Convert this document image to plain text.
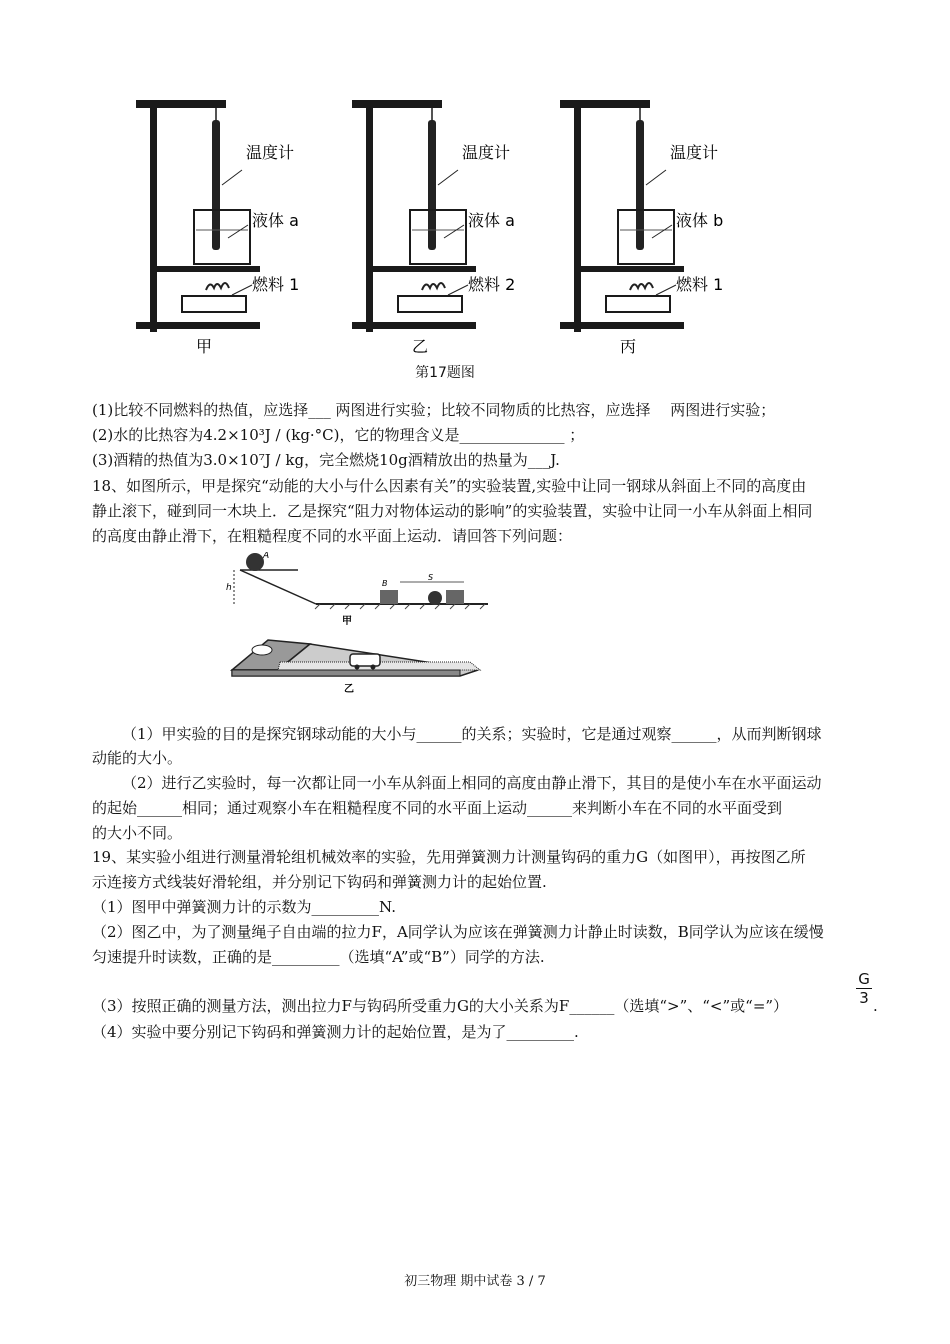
温度计
液体 a
燃料 1
甲
温度计
液体 a
燃料 2
乙
温度计
液体 b
燃料 1
丙
第17题图
(1)比较不同燃料的热值，应选择___ 两图进行实验；比较不同物质的比热容，应选择 　两图进行实验；
(2)水的比热容为4.2×10³J / (kg·°C)，它的物理含义是______________ ；
(3)酒精的热值为3.0×10⁷J / kg，完全燃烧10g酒精放出的热量为___J.
18、如图所示，甲是探究“动能的大小与什么因素有关”的实验装置,实验中让同一钢球从斜面上不同的高度由
静止滚下，碰到同一木块上．乙是探究“阻力对物体运动的影响”的实验装置，实验中让同一小车从斜面上相同
的高度由静止滑下，在粗糙程度不同的水平面上运动．请回答下列问题：
A
h	B
S
甲
乙
（1）甲实验的目的是探究钢球动能的大小与______的关系；实验时，它是通过观察______，从而判断钢球
动能的大小。
（2）进行乙实验时，每一次都让同一小车从斜面上相同的高度由静止滑下，其目的是使小车在水平面运动
的起始______相同；通过观察小车在粗糙程度不同的水平面上运动______来判断小车在不同的水平面受到
的大小不同。
19、某实验小组进行测量滑轮组机械效率的实验，先用弹簧测力计测量钩码的重力G（如图甲），再按图乙所
示连接方式线装好滑轮组，并分别记下钩码和弹簧测力计的起始位置.
（1）图甲中弹簧测力计的示数为_________N.
（2）图乙中，为了测量绳子自由端的拉力F，A同学认为应该在弹簧测力计静止时读数，B同学认为应该在缓慢
匀速提升时读数，正确的是_________（选填“A”或“B”）同学的方法.
（3）按照正确的测量方法，测出拉力F与钩码所受重力G的大小关系为F______（选填“>”、“<”或“=”）
G
3 .
（4）实验中要分别记下钩码和弹簧测力计的起始位置，是为了_________.
初三物理 期中试卷 3 / 7
